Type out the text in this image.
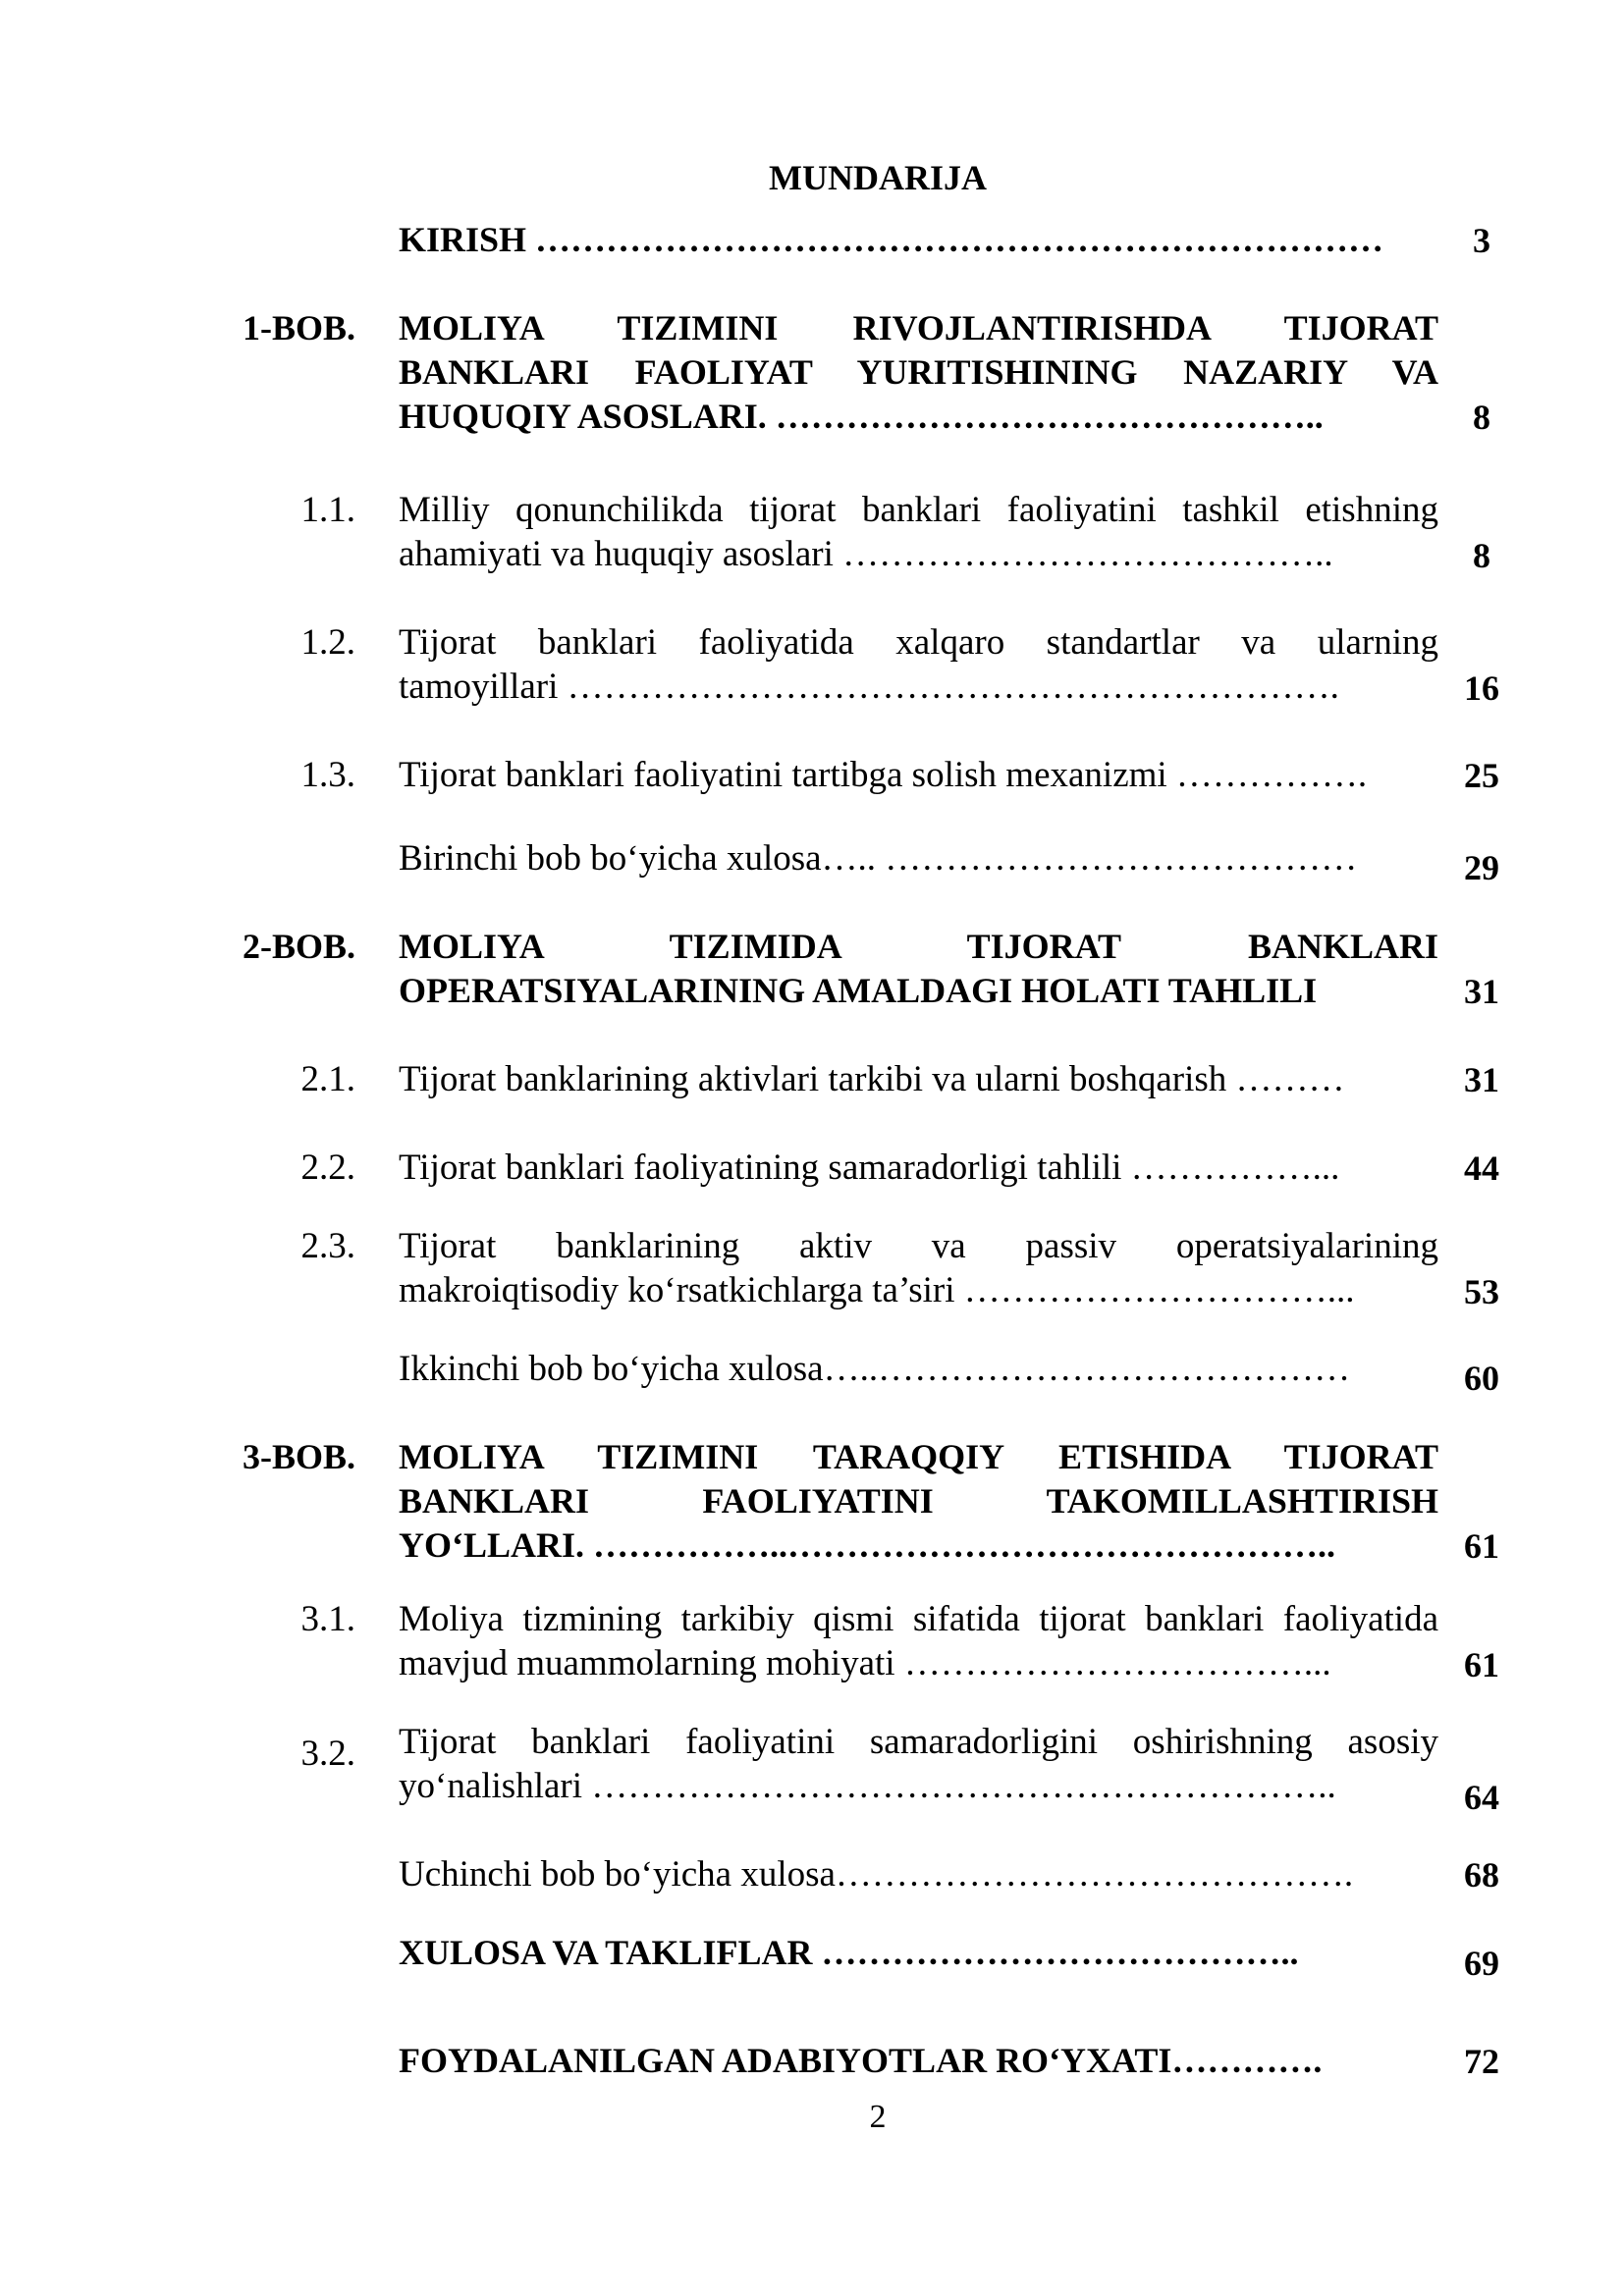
MUNDARIJA
KIRISH ………………………………………………………………	3
1-BOB. MOLIYA TIZIMINI RIVOJLANTIRISHDA TIJORAT
BANKLARI FAOLIYAT YURITISHINING NAZARIY VA
HUQUQIY ASOSLARI. ………………………………………..	8
1.1. Milliy qonunchilikda tijorat banklari faoliyatini tashkil etishning
ahamiyati va huquqiy asoslari …………………………………..	8
1.2. Tijorat banklari faoliyatida xalqaro standartlar va ularning
tamoyillari ……………………………………………………….	16
1.3. Tijorat banklari faoliyatini tartibga solish mexanizmi …………….	25
Birinchi bob bo‘yicha xulosa….. …………………………………	29
2-BOB. MOLIYA TIZIMIDA TIJORAT BANKLARI
OPERATSIYALARINING AMALDAGI HOLATI TAHLILI	31
2.1. Tijorat banklarining aktivlari tarkibi va ularni boshqarish ………	31
2.2. Tijorat banklari faoliyatining samaradorligi tahlili ……………...	44
2.3. Tijorat banklarining aktiv va passiv operatsiyalarining
makroiqtisodiy ko‘rsatkichlarga ta’siri …………………………...	53
Ikkinchi bob bo‘yicha xulosa…..…………………………………	60
3-BOB. MOLIYA TIZIMINI TARAQQIY ETISHIDA TIJORAT
BANKLARI FAOLIYATINI TAKOMILLASHTIRISH
YO‘LLARI. ……………..………………………………………..	61
3.1. Moliya tizmining tarkibiy qismi sifatida tijorat banklari faoliyatida
mavjud muammolarning mohiyati ……………………………...	61
3.2. Tijorat banklari faoliyatini samaradorligini oshirishning asosiy
yo‘nalishlari ……………………………………………………..	64
Uchinchi bob bo‘yicha xulosa…………………………………….	68
XULOSA VA TAKLIFLAR …………………………………..	69
FOYDALANILGAN ADABIYOTLAR RO‘YXATI………….	72
2
